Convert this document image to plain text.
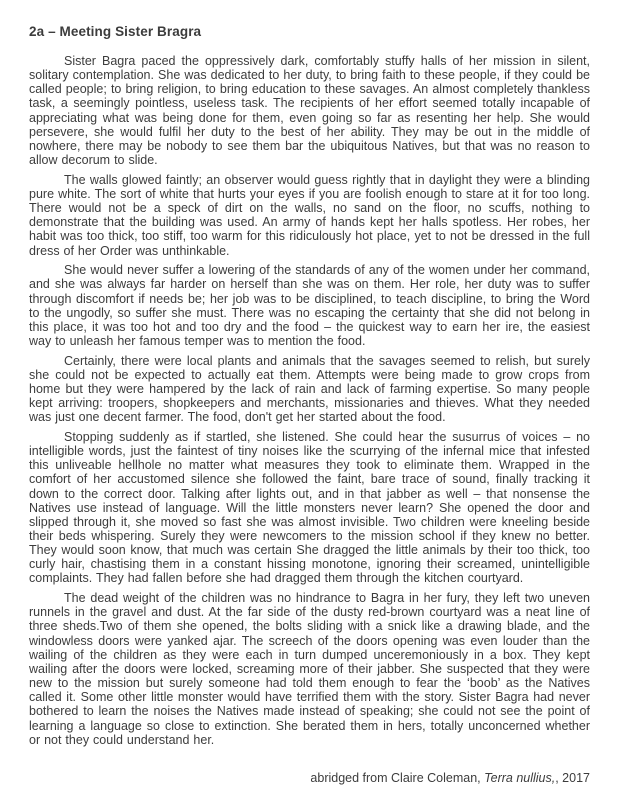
2a – Meeting Sister Bragra

Sister Bagra paced the oppressively dark, comfortably stuffy halls of her mission in silent, solitary contemplation. She was dedicated to her duty, to bring faith to these people, if they could be called people; to bring religion, to bring education to these savages. An almost completely thankless task, a seemingly pointless, useless task. The recipients of her effort seemed totally incapable of appreciating what was being done for them, even going so far as resenting her help. She would persevere, she would fulfil her duty to the best of her ability. They may be out in the middle of nowhere, there may be nobody to see them bar the ubiquitous Natives, but that was no reason to allow decorum to slide.

The walls glowed faintly; an observer would guess rightly that in daylight they were a blinding pure white. The sort of white that hurts your eyes if you are foolish enough to stare at it for too long. There would not be a speck of dirt on the walls, no sand on the floor, no scuffs, nothing to demonstrate that the building was used. An army of hands kept her halls spotless. Her robes, her habit was too thick, too stiff, too warm for this ridiculously hot place, yet to not be dressed in the full dress of her Order was unthinkable.

She would never suffer a lowering of the standards of any of the women under her command, and she was always far harder on herself than she was on them. Her role, her duty was to suffer through discomfort if needs be; her job was to be disciplined, to teach discipline, to bring the Word to the ungodly, so suffer she must. There was no escaping the certainty that she did not belong in this place, it was too hot and too dry and the food – the quickest way to earn her ire, the easiest way to unleash her famous temper was to mention the food.

Certainly, there were local plants and animals that the savages seemed to relish, but surely she could not be expected to actually eat them. Attempts were being made to grow crops from home but they were hampered by the lack of rain and lack of farming expertise. So many people kept arriving: troopers, shopkeepers and merchants, missionaries and thieves. What they needed was just one decent farmer. The food, don't get her started about the food.

Stopping suddenly as if startled, she listened. She could hear the susurrus of voices – no intelligible words, just the faintest of tiny noises like the scurrying of the infernal mice that infested this unliveable hellhole no matter what measures they took to eliminate them. Wrapped in the comfort of her accustomed silence she followed the faint, bare trace of sound, finally tracking it down to the correct door. Talking after lights out, and in that jabber as well – that nonsense the Natives use instead of language. Will the little monsters never learn? She opened the door and slipped through it, she moved so fast she was almost invisible. Two children were kneeling beside their beds whispering. Surely they were newcomers to the mission school if they knew no better. They would soon know, that much was certain She dragged the little animals by their too thick, too curly hair, chastising them in a constant hissing monotone, ignoring their screamed, unintelligible complaints. They had fallen before she had dragged them through the kitchen courtyard.

The dead weight of the children was no hindrance to Bagra in her fury, they left two uneven runnels in the gravel and dust. At the far side of the dusty red-brown courtyard was a neat line of three sheds.Two of them she opened, the bolts sliding with a snick like a drawing blade, and the windowless doors were yanked ajar. The screech of the doors opening was even louder than the wailing of the children as they were each in turn dumped unceremoniously in a box. They kept wailing after the doors were locked, screaming more of their jabber. She suspected that they were new to the mission but surely someone had told them enough to fear the ‘boob’ as the Natives called it. Some other little monster would have terrified them with the story. Sister Bagra had never bothered to learn the noises the Natives made instead of speaking; she could not see the point of learning a language so close to extinction. She berated them in hers, totally unconcerned whether or not they could understand her.

abridged from Claire Coleman, Terra nullius,, 2017
